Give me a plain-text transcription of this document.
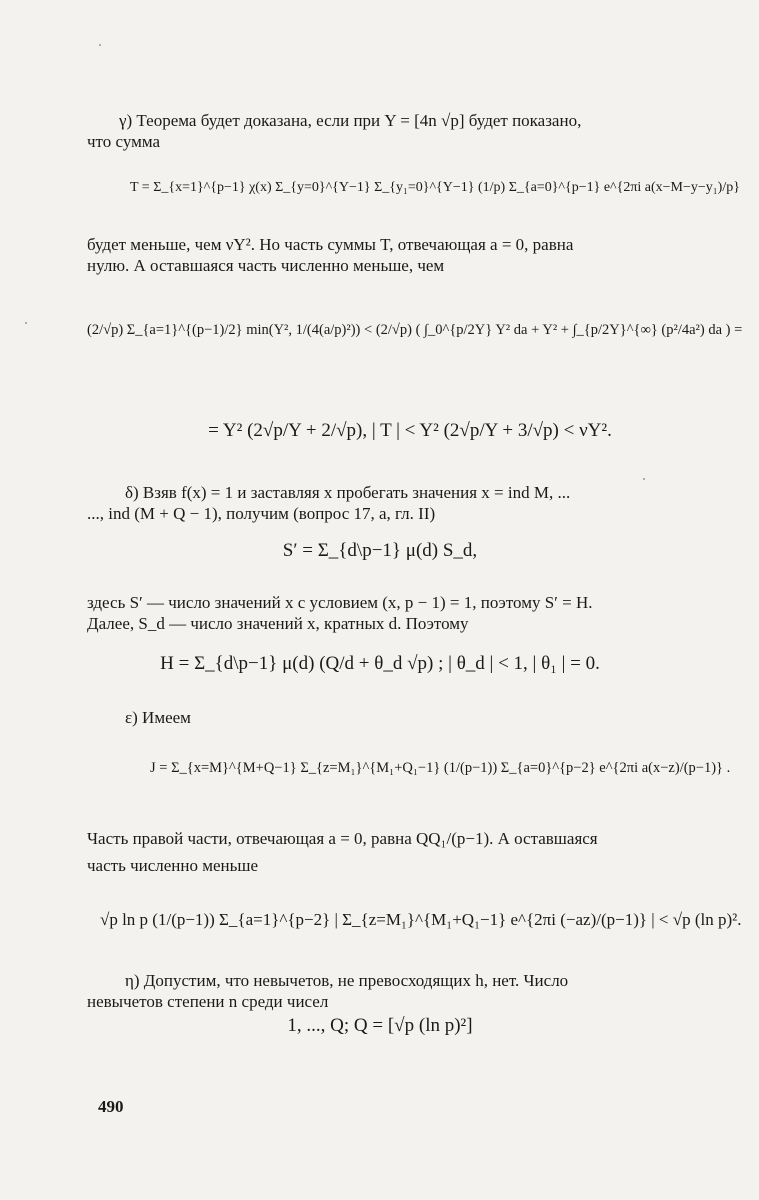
γ) Теорема будет доказана, если при Y = [4n √p] будет показано,
что сумма
T = Σ_{x=1}^{p−1} χ(x) Σ_{y=0}^{Y−1} Σ_{y₁=0}^{Y−1} (1/p) Σ_{a=0}^{p−1} e^{2πi a(x−M−y−y₁)/p}
будет меньше, чем νY². Но часть суммы T, отвечающая a = 0, равна
нулю. А оставшаяся часть численно меньше, чем
(2/√p) Σ_{a=1}^{(p−1)/2} min(Y², 1/(4(a/p)²)) < (2/√p) ( ∫_0^{p/2Y} Y² da + Y² + ∫_{p/2Y}^{∞} (p²/4a²) da ) =
= Y² (2√p/Y + 2/√p), | T | < Y² (2√p/Y + 3/√p) < νY².
δ) Взяв f(x) = 1 и заставляя x пробегать значения x = ind M, ...
..., ind (M + Q − 1), получим (вопрос 17, а, гл. II)
S′ = Σ_{d\p−1} μ(d) S_d,
здесь S′ — число значений x с условием (x, p − 1) = 1, поэтому S′ = H.
Далее, S_d — число значений x, кратных d. Поэтому
H = Σ_{d\p−1} μ(d) (Q/d + θ_d √p) ; | θ_d | < 1, | θ₁ | = 0.
ε) Имеем
J = Σ_{x=M}^{M+Q−1} Σ_{z=M₁}^{M₁+Q₁−1} (1/(p−1)) Σ_{a=0}^{p−2} e^{2πi a(x−z)/(p−1)} .
Часть правой части, отвечающая a = 0, равна QQ₁/(p−1). А оставшаяся
часть численно меньше
√p ln p (1/(p−1)) Σ_{a=1}^{p−2} | Σ_{z=M₁}^{M₁+Q₁−1} e^{2πi (−az)/(p−1)} | < √p (ln p)².
η) Допустим, что невычетов, не превосходящих h, нет. Число
невычетов степени n среди чисел
1, ..., Q; Q = [√p (ln p)²]
490
